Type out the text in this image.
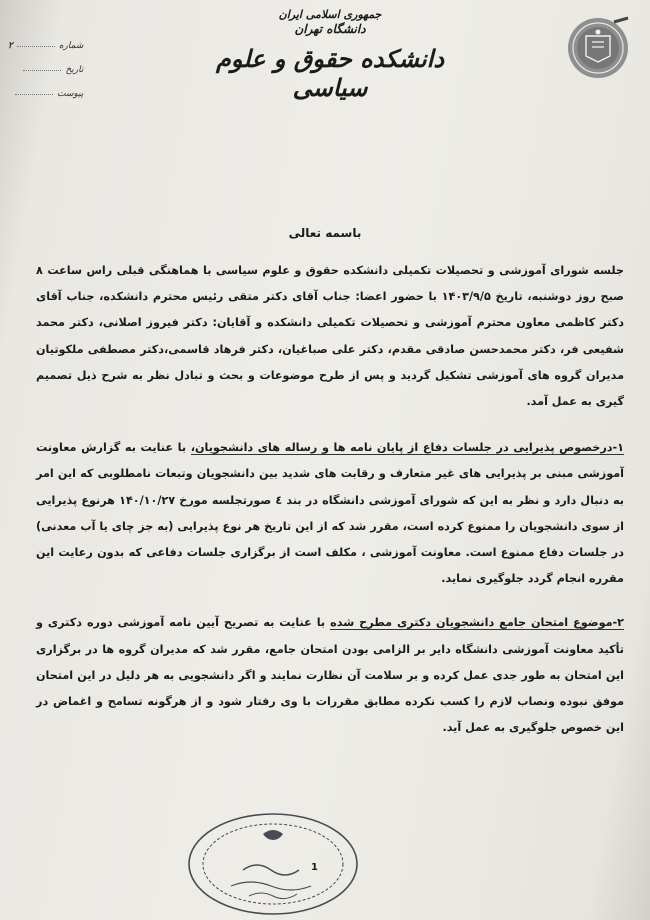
شماره
۲
تاریخ
پیوست
جمهوری اسلامی ایران
دانشگاه تهران
دانشکده حقوق و علوم سیاسی
باسمه تعالی

جلسه شورای آموزشی و تحصیلات تکمیلی دانشکده حقوق و علوم سیاسی با هماهنگی قبلی راس ساعت ۸ صبح روز دوشنبه، تاریخ ۱۴۰۳/۹/۵ با حضور اعضا: جناب آقای دکتر متقی رئیس محترم دانشکده، جناب آقای دکتر کاظمی معاون محترم آموزشی و تحصیلات تکمیلی دانشکده و آقایان: دکتر فیروز اصلانی، دکتر محمد شفیعی فر، دکتر محمدحسن صادقی مقدم، دکتر علی صباغیان، دکتر فرهاد قاسمی،دکتر مصطفی ملکوتیان مدیران گروه های آموزشی تشکیل گردید و پس از طرح موضوعات و بحث و تبادل نظر به شرح ذیل تصمیم گیری به عمل آمد.

۱-درخصوص پذیرایی در جلسات دفاع از پایان نامه ها و رساله های دانشجویان، با عنایت به گزارش معاونت آموزشی مبنی بر پذیرایی های غیر متعارف و رقابت های شدید بین دانشجویان وتبعات نامطلوبی که این امر به دنبال دارد و نظر به این که شورای آموزشی دانشگاه در بند ٤ صورتجلسه مورخ ۱۴۰/۱۰/۲۷ هرنوع پذیرایی از سوی دانشجویان را ممنوع کرده است، مقرر شد که از این تاریخ هر نوع پذیرایی (به جز چای یا آب معدنی) در جلسات دفاع ممنوع است. معاونت آموزشی ، مکلف است از برگزاری جلسات دفاعی که بدون رعایت این مقرره انجام گردد جلوگیری نماید.

۲-موضوع امتحان جامع دانشجویان دکتری مطرح شده با عنایت به تصریح آیین نامه آموزشی دوره دکتری و تأکید معاونت آموزشی دانشگاه دایر بر الزامی بودن امتحان جامع، مقرر شد که مدیران گروه ها در برگزاری این امتحان به طور جدی عمل کرده و بر سلامت آن نظارت نمایند و اگر دانشجویی به هر دلیل در این امتحان موفق نبوده ونصاب لازم را کسب نکرده مطابق مقررات با وی رفتار شود و از هرگونه تسامح و اغماض در این خصوص جلوگیری به عمل آید.

1
